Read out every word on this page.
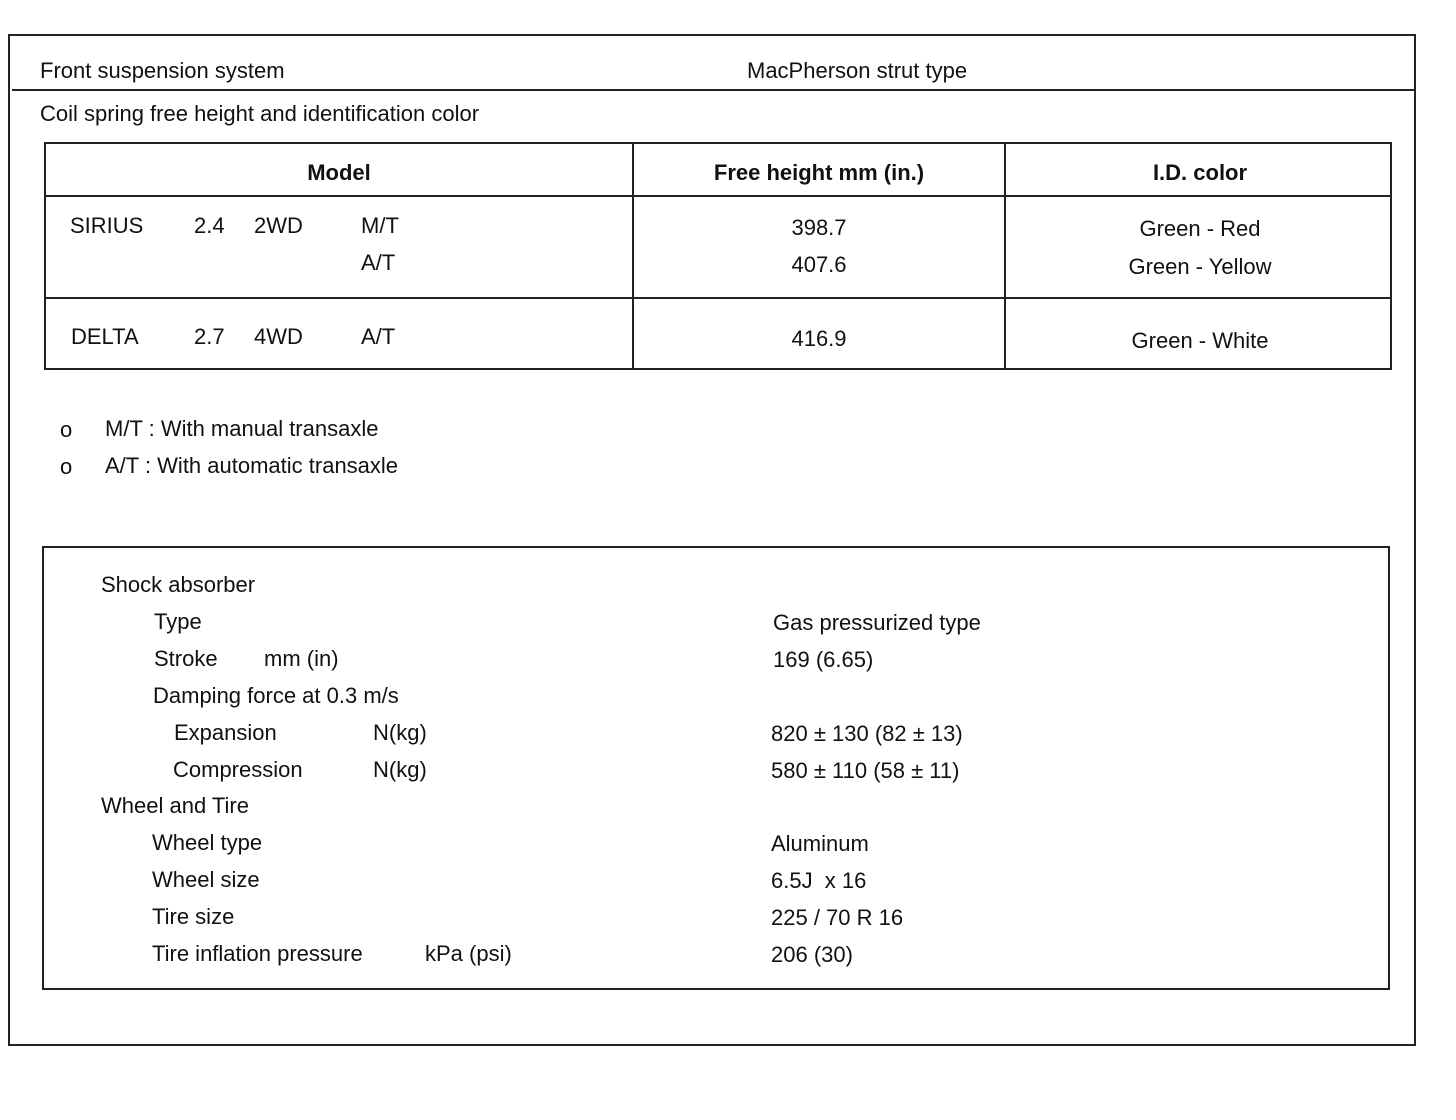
Front suspension system	MacPherson strut type
Coil spring free height and identification color
Model	Free height mm (in.)	I.D. color
SIRIUS 2.4 2WD	M/T	398.7	Green - Red
A/T	407.6	Green - Yellow
DELTA	2.7 4WD	A/T	416.9	Green - White
o M/T : With manual transaxle
o A/T : With automatic transaxle
Shock absorber
Type	Gas pressurized type
Stroke mm (in)	169 (6.65)
Damping force at 0.3 m/s
Expansion	N(kg)	820 ± 130 (82 ± 13)
Compression	N(kg)	580 ± 110 (58 ± 11)
Wheel and Tire
Wheel type	Aluminum
Wheel size	6.5J  x 16
Tire size	225 / 70 R 16
Tire inflation pressure	kPa (psi)	206 (30)
